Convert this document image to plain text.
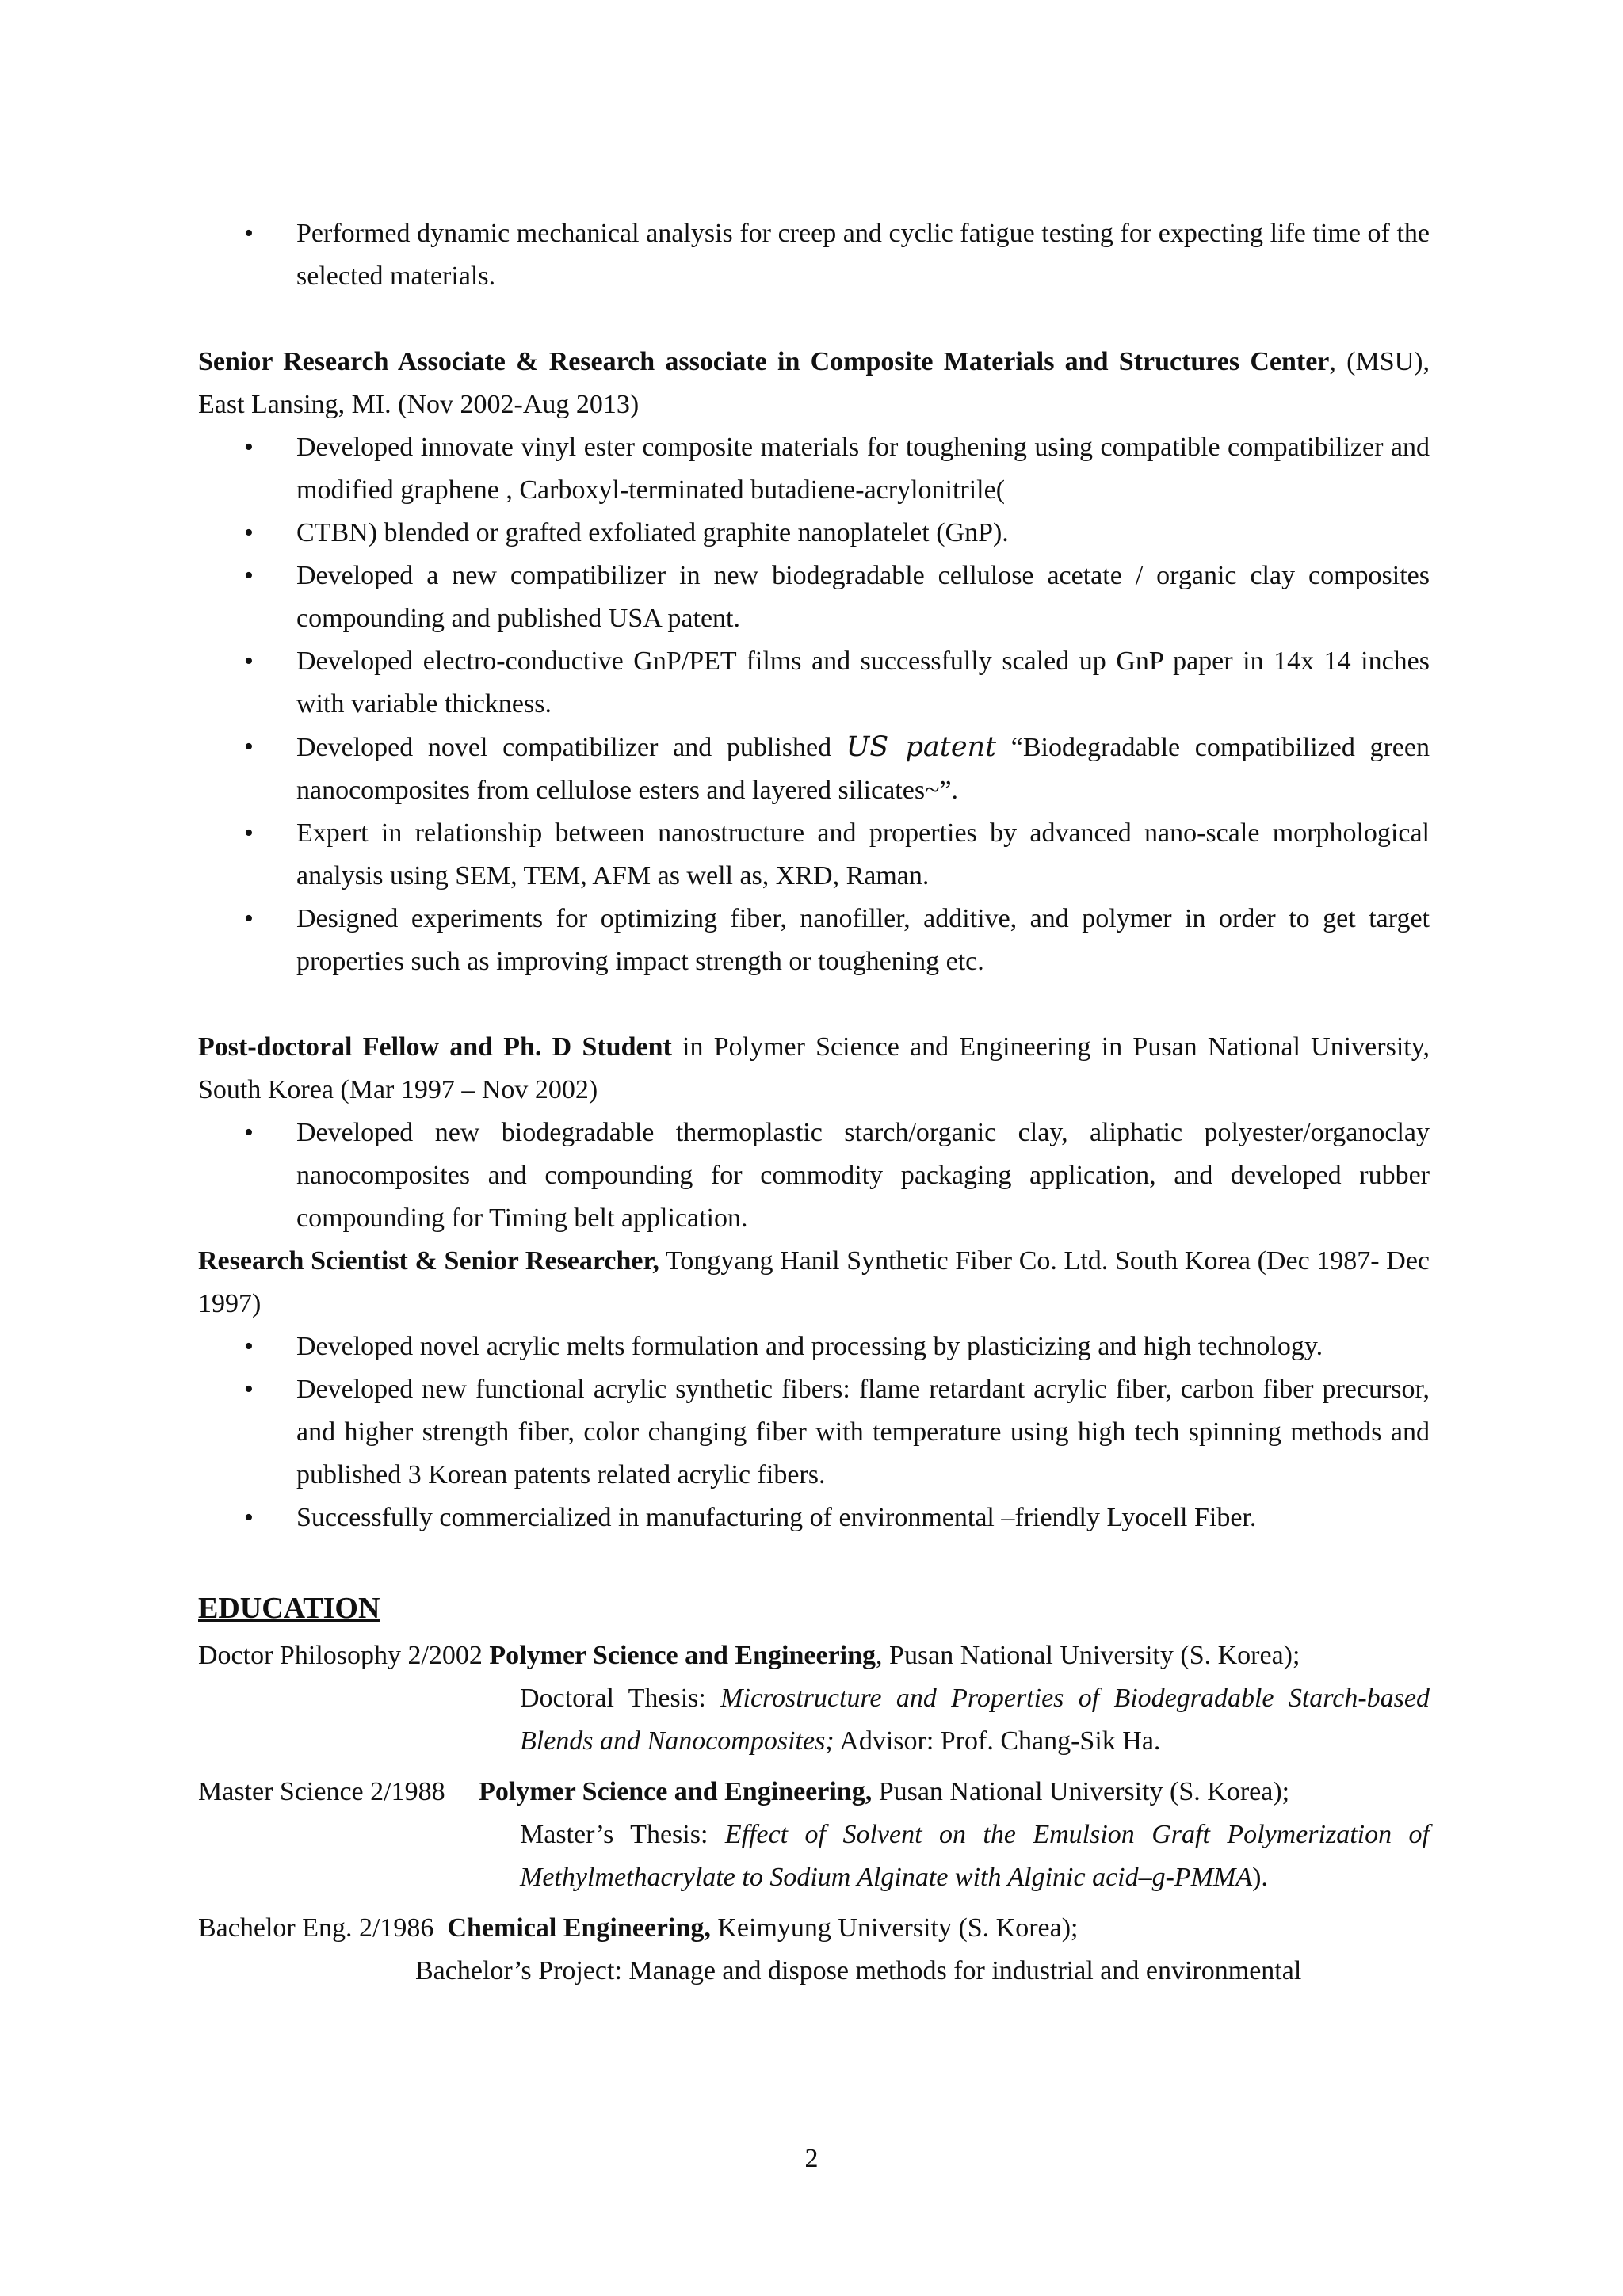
• Performed dynamic mechanical analysis for creep and cyclic fatigue testing for expecting life time of the selected materials.

Senior Research Associate & Research associate in Composite Materials and Structures Center, (MSU), East Lansing, MI. (Nov 2002-Aug 2013)

• Developed innovate vinyl ester composite materials for toughening using compatible compatibilizer and modified graphene , Carboxyl-terminated butadiene-acrylonitrile(
• CTBN) blended or grafted exfoliated graphite nanoplatelet (GnP).
• Developed a new compatibilizer in new biodegradable cellulose acetate / organic clay composites compounding and published USA patent.
• Developed electro-conductive GnP/PET films and successfully scaled up GnP paper in 14x 14 inches with variable thickness.
• Developed novel compatibilizer and published US patent “Biodegradable compatibilized green nanocomposites from cellulose esters and layered silicates~”.
• Expert in relationship between nanostructure and properties by advanced nano-scale morphological analysis using SEM, TEM, AFM as well as, XRD, Raman.
• Designed experiments for optimizing fiber, nanofiller, additive, and polymer in order to get target properties such as improving impact strength or toughening etc.

Post-doctoral Fellow and Ph. D Student in Polymer Science and Engineering in Pusan National University, South Korea (Mar 1997 – Nov 2002)

• Developed new biodegradable thermoplastic starch/organic clay, aliphatic polyester/organoclay nanocomposites and compounding for commodity packaging application, and developed rubber compounding for Timing belt application.

Research Scientist & Senior Researcher, Tongyang Hanil Synthetic Fiber Co. Ltd. South Korea (Dec 1987- Dec 1997)

• Developed novel acrylic melts formulation and processing by plasticizing and high technology.
• Developed new functional acrylic synthetic fibers: flame retardant acrylic fiber, carbon fiber precursor, and higher strength fiber, color changing fiber with temperature using high tech spinning methods and published 3 Korean patents related acrylic fibers.
• Successfully commercialized in manufacturing of environmental –friendly Lyocell Fiber.

EDUCATION

Doctor Philosophy 2/2002 Polymer Science and Engineering, Pusan National University (S. Korea);

Doctoral Thesis: Microstructure and Properties of Biodegradable Starch-based Blends and Nanocomposites; Advisor: Prof. Chang-Sik Ha.

Master Science 2/1988     Polymer Science and Engineering, Pusan National University (S. Korea);

Master’s Thesis: Effect of Solvent on the Emulsion Graft Polymerization of Methylmethacrylate to Sodium Alginate with Alginic acid–g-PMMA).

Bachelor Eng. 2/1986  Chemical Engineering, Keimyung University (S. Korea);

Bachelor’s Project: Manage and dispose methods for industrial and environmental

2
